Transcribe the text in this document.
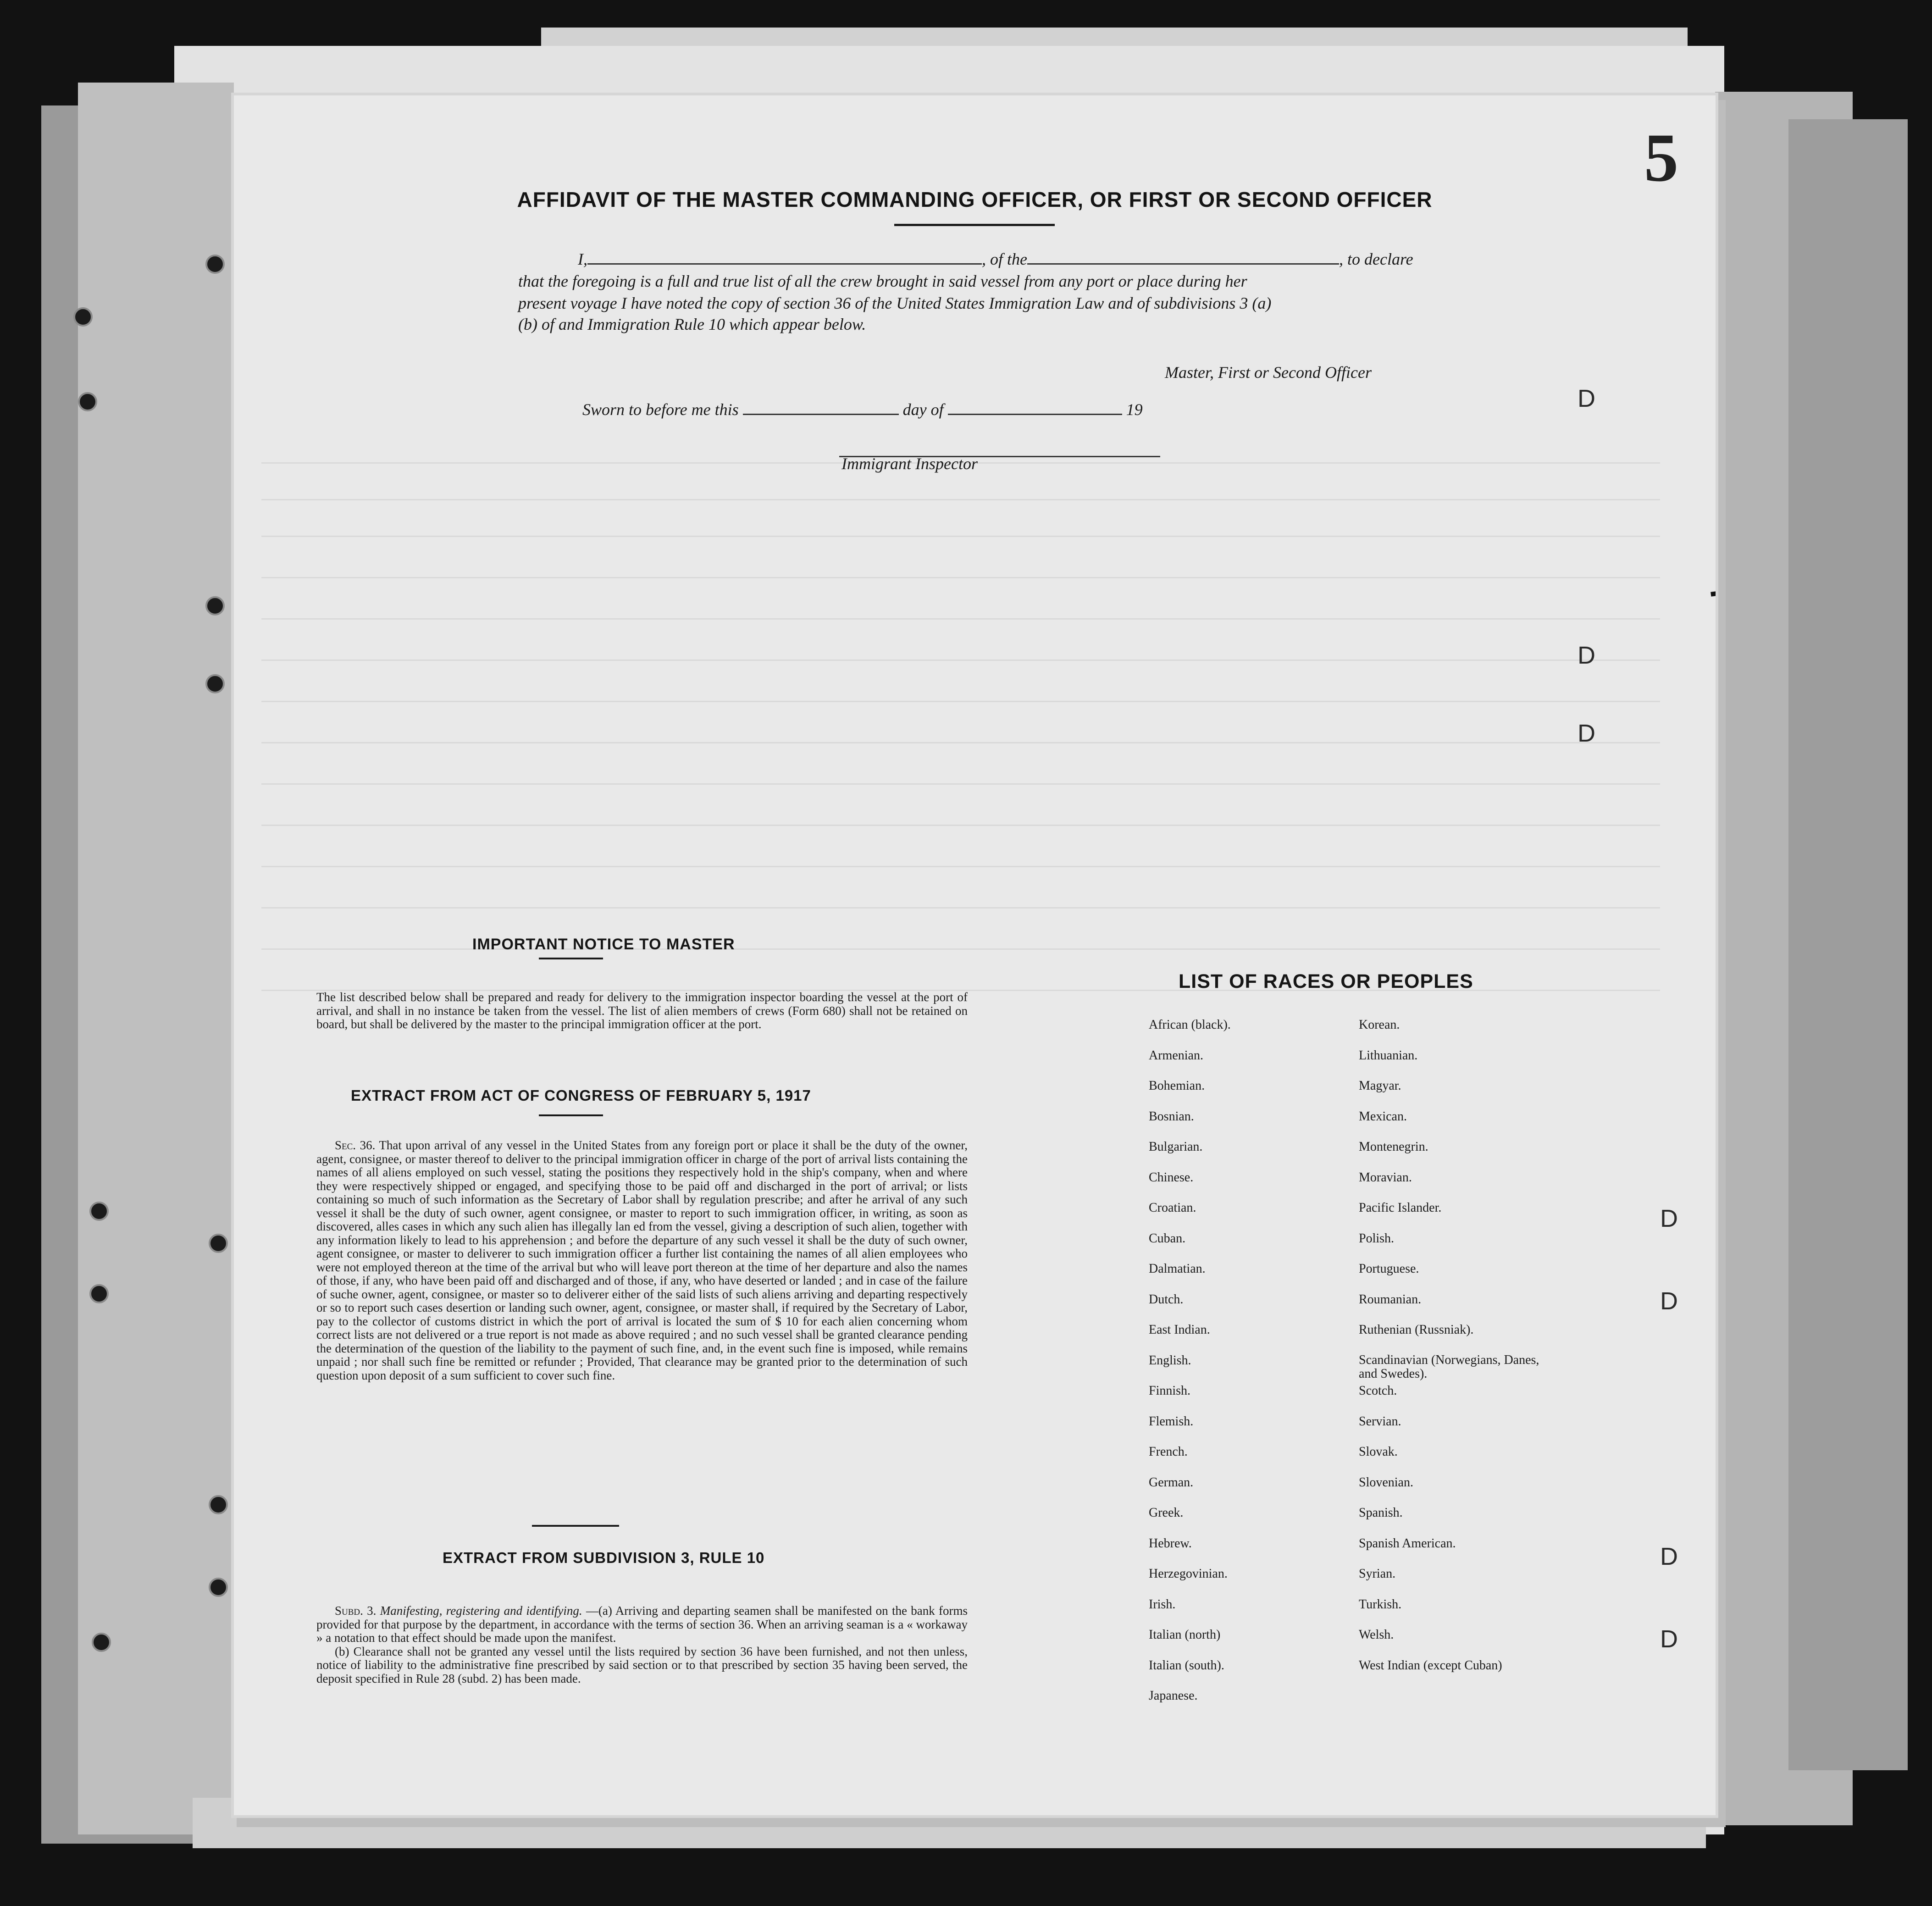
AFFIDAVIT OF THE MASTER COMMANDING OFFICER, OR FIRST OR SECOND OFFICER
I,	, of the	, to declare
that the foregoing is a full and true list of all the crew brought in said vessel from any port or place during her
present voyage I have noted the copy of section 36 of the United States Immigration Law and of subdivisions 3 (a)
(b) of and Immigration Rule 10 which appear below.
Master, First or Second Officer
Sworn to before me this	day of	19
Immigrant Inspector
IMPORTANT NOTICE TO MASTER
The list described below shall be prepared and ready for delivery to the immigration inspector boarding the vessel at the port of arrival, and shall in no instance be taken from the vessel. The list of alien members of crews (Form 680) shall not be retained on board, but shall be delivered by the master to the principal immigration officer at the port.
EXTRACT FROM ACT OF CONGRESS OF FEBRUARY 5, 1917
Sec. 36. That upon arrival of any vessel in the United States from any foreign port or place it shall be the duty of the owner, agent, consignee, or master thereof to deliver to the principal immigration officer in charge of the port of arrival lists containing the names of all aliens employed on such vessel, stating the positions they respectively hold in the ship's company, when and where they were respectively shipped or engaged, and specifying those to be paid off and discharged in the port of arrival; or lists containing so much of such information as the Secretary of Labor shall by regulation prescribe; and after he arrival of any such vessel it shall be the duty of such owner, agent consignee, or master to report to such immigration officer, in writing, as soon as discovered, alles cases in which any such alien has illegally lan ed from the vessel, giving a description of such alien, together with any information likely to lead to his apprehension ; and before the departure of any such vessel it shall be the duty of such owner, agent consignee, or master to deliverer to such immigration officer a further list containing the names of all alien employees who were not employed thereon at the time of the arrival but who will leave port thereon at the time of her departure and also the names of those, if any, who have been paid off and discharged and of those, if any, who have deserted or landed ; and in case of the failure of suche owner, agent, consignee, or master so to deliverer either of the said lists of such aliens arriving and departing respectively or so to report such cases desertion or landing such owner, agent, consignee, or master shall, if required by the Secretary of Labor, pay to the collector of customs district in which the port of arrival is located the sum of $ 10 for each alien concerning whom correct lists are not delivered or a true report is not made as above required ; and no such vessel shall be granted clearance pending the determination of the question of the liability to the payment of such fine, and, in the event such fine is imposed, while remains unpaid ; nor shall such fine be remitted or refunder ; Provided, That clearance may be granted prior to the determination of such question upon deposit of a sum sufficient to cover such fine.
EXTRACT FROM SUBDIVISION 3, RULE 10
Subd. 3. Manifesting, registering and identifying. —(a) Arriving and departing seamen shall be manifested on the bank forms provided for that purpose by the department, in accordance with the terms of section 36. When an arriving seaman is a « workaway » a notation to that effect should be made upon the manifest.
(b) Clearance shall not be granted any vessel until the lists required by section 36 have been furnished, and not then unless, notice of liability to the administrative fine prescribed by said section or to that prescribed by section 35 having been served, the deposit specified in Rule 28 (subd. 2) has been made.
LIST OF RACES OR PEOPLES
African (black).
Armenian.
Bohemian.
Bosnian.
Bulgarian.
Chinese.
Croatian.
Cuban.
Dalmatian.
Dutch.
East Indian.
English.
Finnish.
Flemish.
French.
German.
Greek.
Hebrew.
Herzegovinian.
Irish.
Italian (north)
Italian (south).
Japanese.
Korean.
Lithuanian.
Magyar.
Mexican.
Montenegrin.
Moravian.
Pacific Islander.
Polish.
Portuguese.
Roumanian.
Ruthenian (Russniak).
Scandinavian (Norwegians, Danes, and Swedes).
Scotch.
Servian.
Slovak.
Slovenian.
Spanish.
Spanish American.
Syrian.
Turkish.
Welsh.
West Indian (except Cuban)
5
D
D
D
D
D
D
D
